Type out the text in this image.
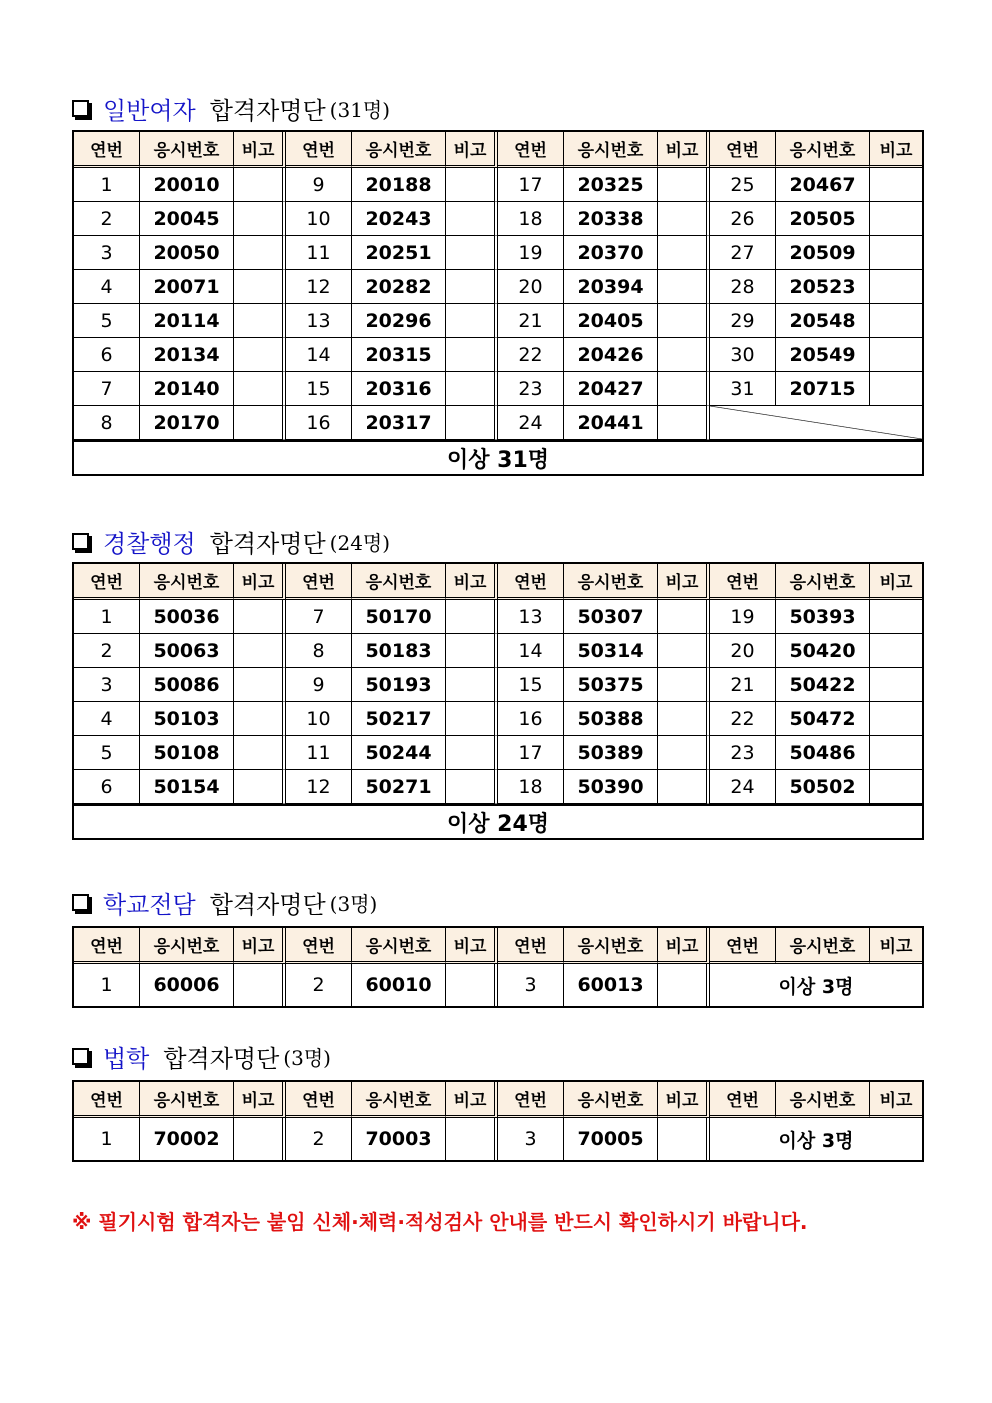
일반여자 합격자명단 (31명)
연번	응시번호	비고	연번	응시번호	비고	연번	응시번호	비고	연번	응시번호	비고
1	20010		9	20188		17	20325		25	20467	
2	20045		10	20243		18	20338		26	20505	
3	20050		11	20251		19	20370		27	20509	
4	20071		12	20282		20	20394		28	20523	
5	20114		13	20296		21	20405		29	20548	
6	20134		14	20315		22	20426		30	20549	
7	20140		15	20316		23	20427		31	20715	
8	20170		16	20317		24	20441				
이상 31명											
경찰행정 합격자명단 (24명)
연번	응시번호	비고	연번	응시번호	비고	연번	응시번호	비고	연번	응시번호	비고
1	50036		7	50170		13	50307		19	50393	
2	50063		8	50183		14	50314		20	50420	
3	50086		9	50193		15	50375		21	50422	
4	50103		10	50217		16	50388		22	50472	
5	50108		11	50244		17	50389		23	50486	
6	50154		12	50271		18	50390		24	50502	
이상 24명											
학교전담 합격자명단 (3명)
연번	응시번호	비고	연번	응시번호	비고	연번	응시번호	비고	연번	응시번호	비고
1	60006		2	60010		3	60013		이상 3명		
법학 합격자명단 (3명)
연번	응시번호	비고	연번	응시번호	비고	연번	응시번호	비고	연번	응시번호	비고
1	70002		2	70003		3	70005		이상 3명		
※ 필기시험 합격자는 붙임 신체·체력·적성검사 안내를 반드시 확인하시기 바랍니다.
